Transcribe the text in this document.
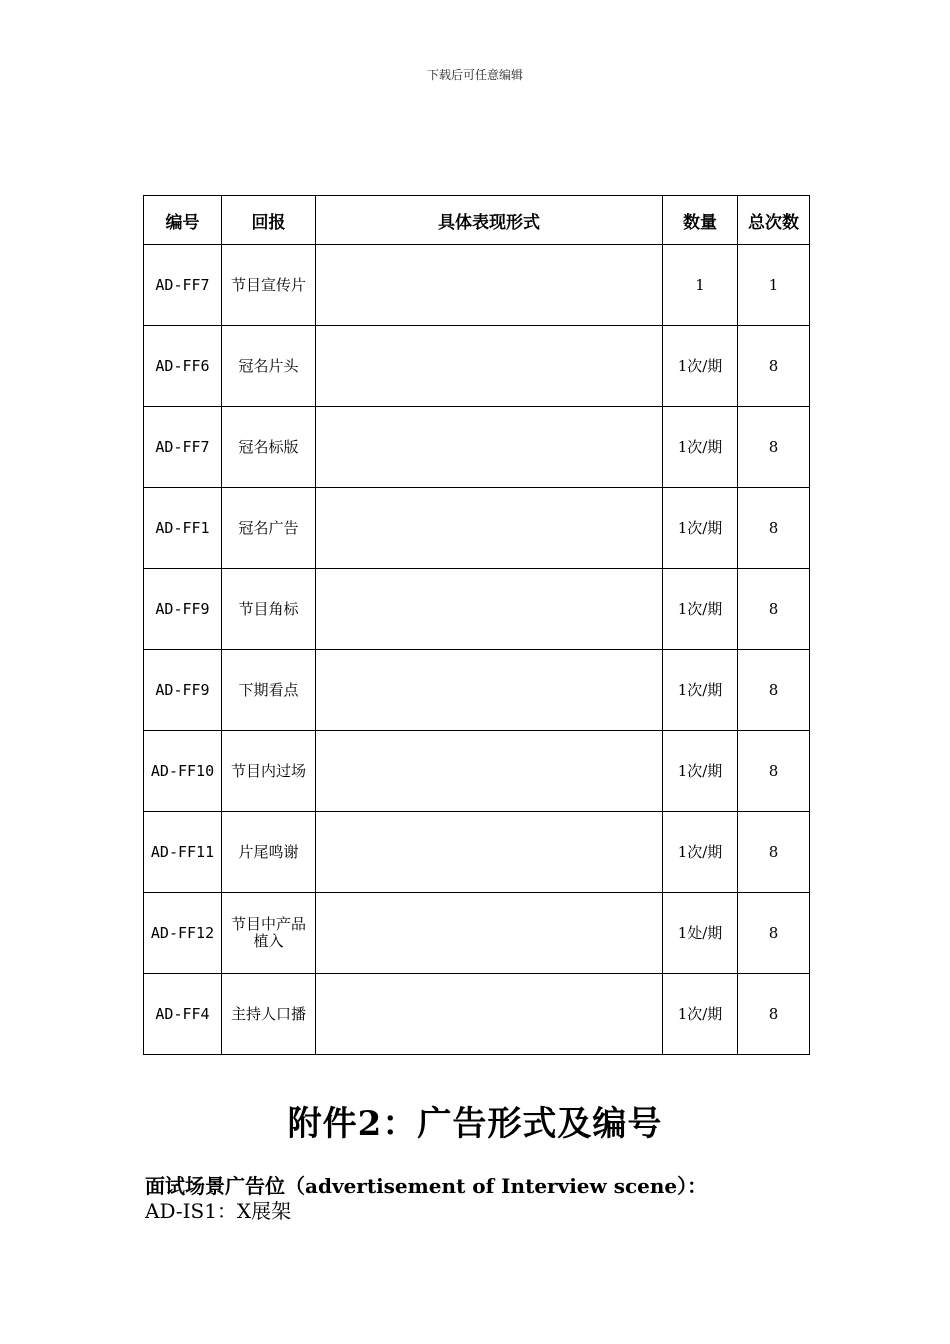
下载后可任意编辑
编号	回报	具体表现形式	数量	总次数
AD-FF7	节目宣传片		1	1
AD-FF6	冠名片头		1次/期	8
AD-FF7	冠名标版		1次/期	8
AD-FF1	冠名广告		1次/期	8
AD-FF9	节目角标		1次/期	8
AD-FF9	下期看点		1次/期	8
AD-FF10	节目内过场		1次/期	8
AD-FF11	片尾鸣谢		1次/期	8
AD-FF12	节目中产品植入		1处/期	8
AD-FF4	主持人口播		1次/期	8
附件2：广告形式及编号
面试场景广告位（advertisement of Interview scene）：
AD-IS1：X展架
